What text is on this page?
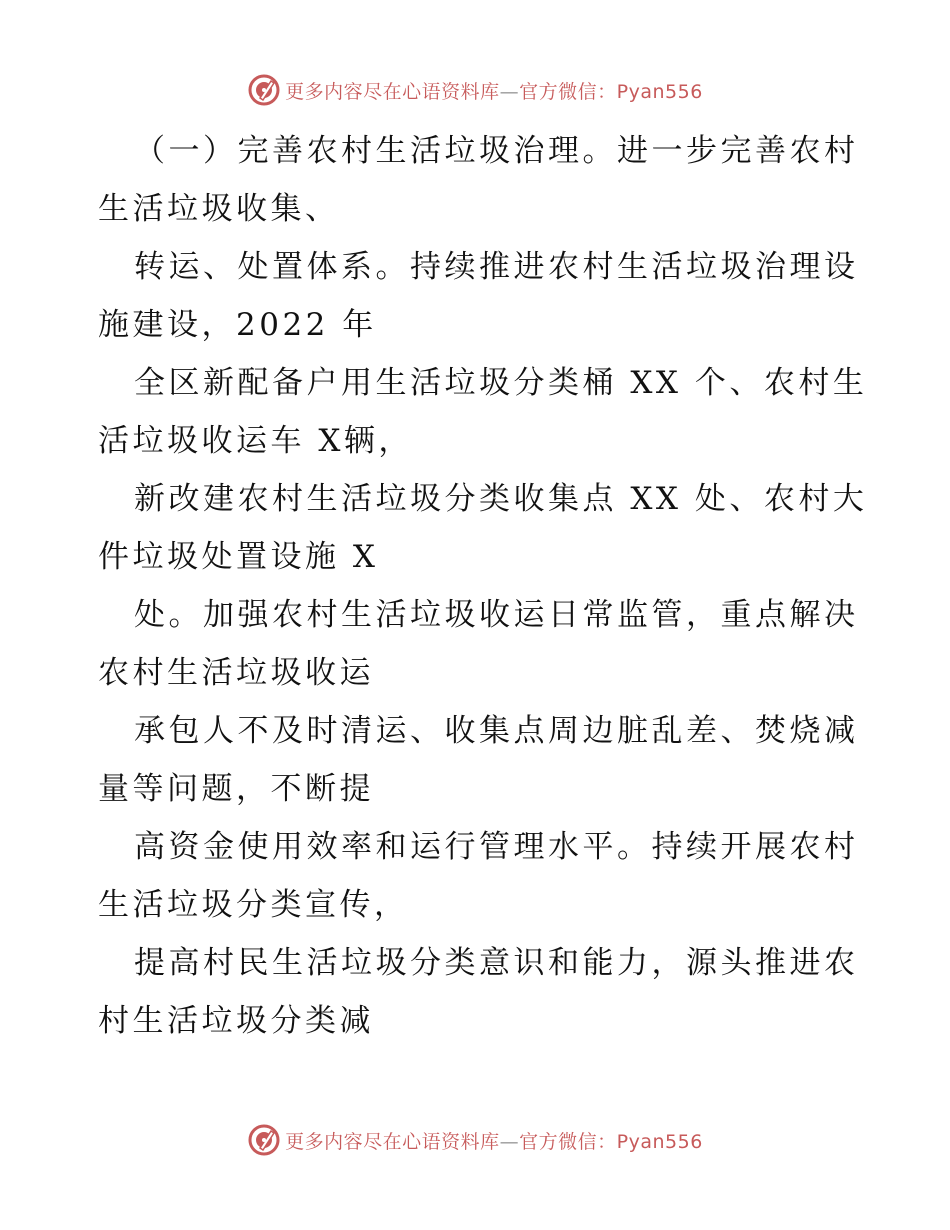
更多内容尽在心语资料库—官方微信：Pyan556
（一）完善农村生活垃圾治理。进一步完善农村
生活垃圾收集、
转运、处置体系。持续推进农村生活垃圾治理设
施建设，2022 年
全区新配备户用生活垃圾分类桶 XX 个、农村生
活垃圾收运车 X辆，
新改建农村生活垃圾分类收集点 XX 处、农村大
件垃圾处置设施 X
处。加强农村生活垃圾收运日常监管，重点解决
农村生活垃圾收运
承包人不及时清运、收集点周边脏乱差、焚烧减
量等问题，不断提
高资金使用效率和运行管理水平。持续开展农村
生活垃圾分类宣传，
提高村民生活垃圾分类意识和能力，源头推进农
村生活垃圾分类减
更多内容尽在心语资料库—官方微信：Pyan556
